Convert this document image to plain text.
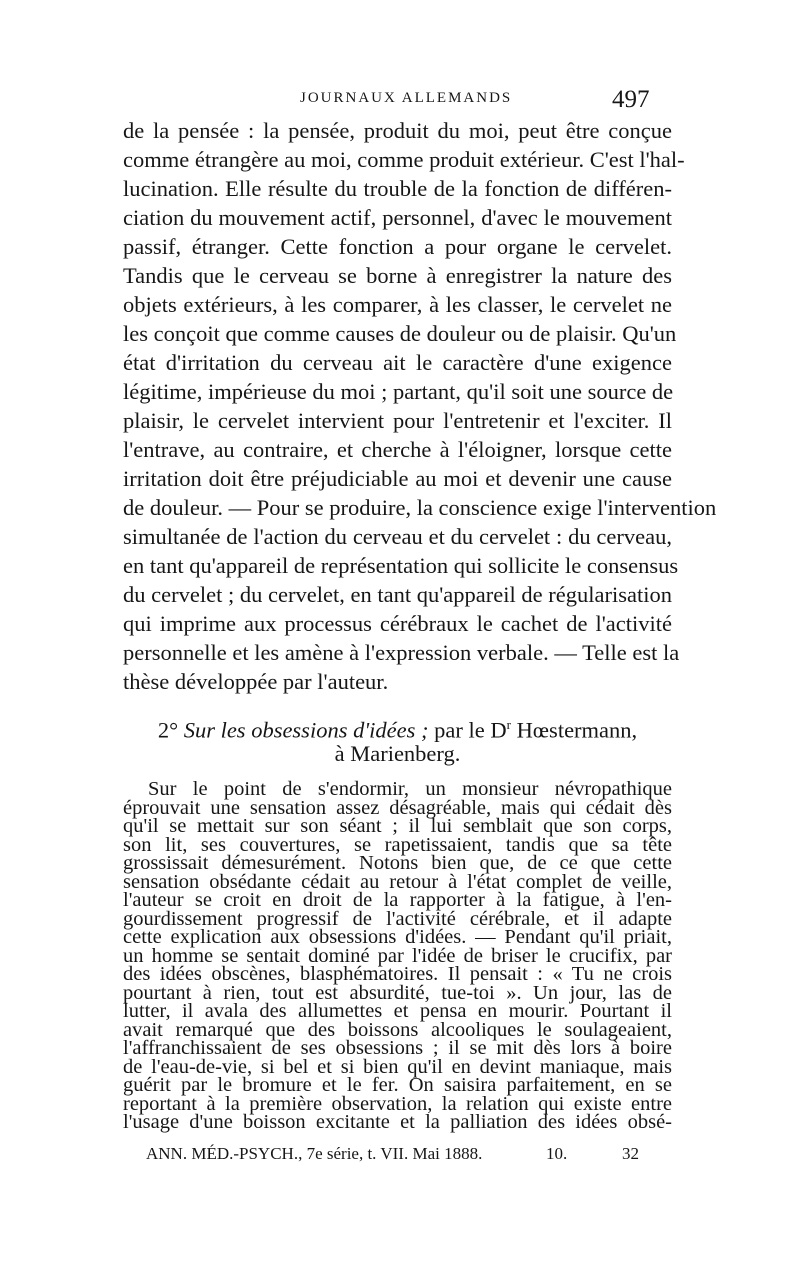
JOURNAUX ALLEMANDS	497
de la pensée : la pensée, produit du moi, peut être conçue
comme étrangère au moi, comme produit extérieur. C'est l'hal-
lucination. Elle résulte du trouble de la fonction de différen-
ciation du mouvement actif, personnel, d'avec le mouvement
passif, étranger. Cette fonction a pour organe le cervelet.
Tandis que le cerveau se borne à enregistrer la nature des
objets extérieurs, à les comparer, à les classer, le cervelet ne
les conçoit que comme causes de douleur ou de plaisir. Qu'un
état d'irritation du cerveau ait le caractère d'une exigence
légitime, impérieuse du moi ; partant, qu'il soit une source de
plaisir, le cervelet intervient pour l'entretenir et l'exciter. Il
l'entrave, au contraire, et cherche à l'éloigner, lorsque cette
irritation doit être préjudiciable au moi et devenir une cause
de douleur. — Pour se produire, la conscience exige l'intervention
simultanée de l'action du cerveau et du cervelet : du cerveau,
en tant qu'appareil de représentation qui sollicite le consensus
du cervelet ; du cervelet, en tant qu'appareil de régularisation
qui imprime aux processus cérébraux le cachet de l'activité
personnelle et les amène à l'expression verbale. — Telle est la
thèse développée par l'auteur.
2° Sur les obsessions d'idées ; par le $D^r$ Hœstermann,
à Marienberg.
Sur le point de s'endormir, un monsieur névropathique
éprouvait une sensation assez désagréable, mais qui cédait dès
qu'il se mettait sur son séant ; il lui semblait que son corps,
son lit, ses couvertures, se rapetissaient, tandis que sa tête
grossissait démesurément. Notons bien que, de ce que cette
sensation obsédante cédait au retour à l'état complet de veille,
l'auteur se croit en droit de la rapporter à la fatigue, à l'en-
gourdissement progressif de l'activité cérébrale, et il adapte
cette explication aux obsessions d'idées. — Pendant qu'il priait,
un homme se sentait dominé par l'idée de briser le crucifix, par
des idées obscènes, blasphématoires. Il pensait : « Tu ne crois
pourtant à rien, tout est absurdité, tue-toi ». Un jour, las de
lutter, il avala des allumettes et pensa en mourir. Pourtant il
avait remarqué que des boissons alcooliques le soulageaient,
l'affranchissaient de ses obsessions ; il se mit dès lors à boire
de l'eau-de-vie, si bel et si bien qu'il en devint maniaque, mais
guérit par le bromure et le fer. On saisira parfaitement, en se
reportant à la première observation, la relation qui existe entre
l'usage d'une boisson excitante et la palliation des idées obsé-
ANN. MÉD.-PSYCH., 7e série, t. VII. Mai 1888.	10.	32
